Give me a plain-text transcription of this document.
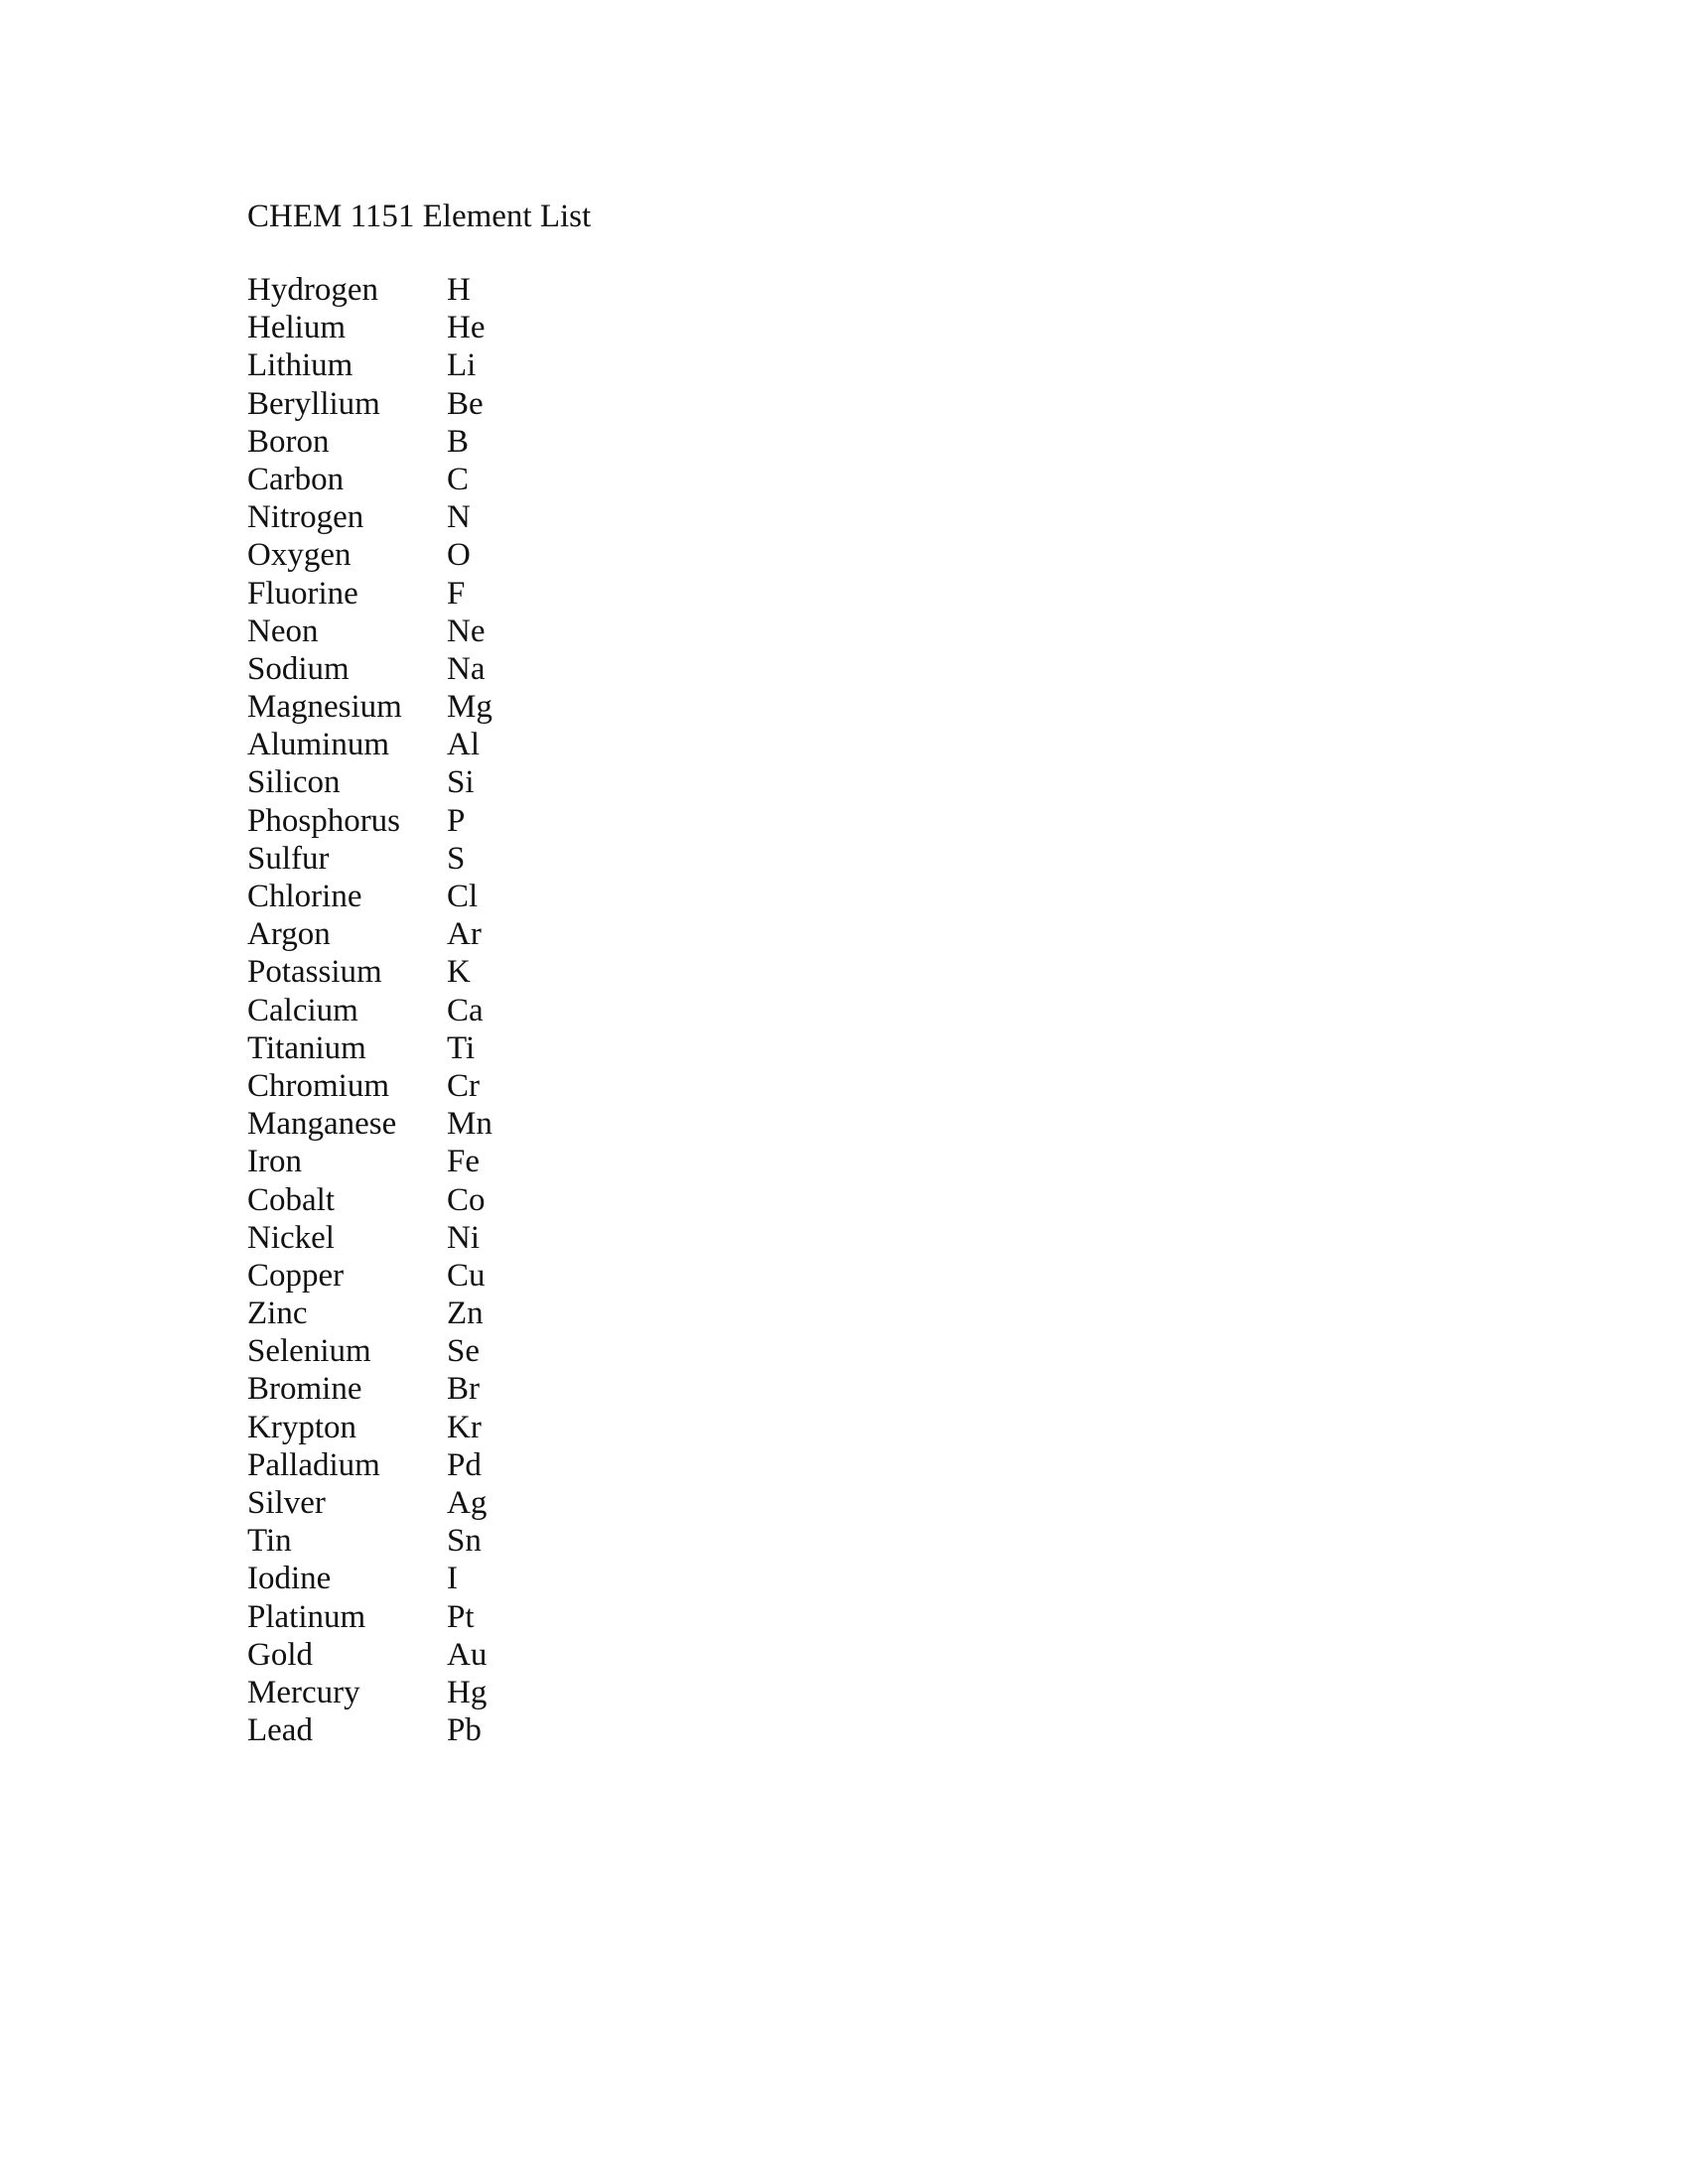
CHEM 1151 Element List
Hydrogen	H
Helium	He
Lithium	Li
Beryllium	Be
Boron	B
Carbon	C
Nitrogen	N
Oxygen	O
Fluorine	F
Neon	Ne
Sodium	Na
Magnesium	Mg
Aluminum	Al
Silicon	Si
Phosphorus	P
Sulfur	S
Chlorine	Cl
Argon	Ar
Potassium	K
Calcium	Ca
Titanium	Ti
Chromium	Cr
Manganese	Mn
Iron	Fe
Cobalt	Co
Nickel	Ni
Copper	Cu
Zinc	Zn
Selenium	Se
Bromine	Br
Krypton	Kr
Palladium	Pd
Silver	Ag
Tin	Sn
Iodine	I
Platinum	Pt
Gold	Au
Mercury	Hg
Lead	Pb
